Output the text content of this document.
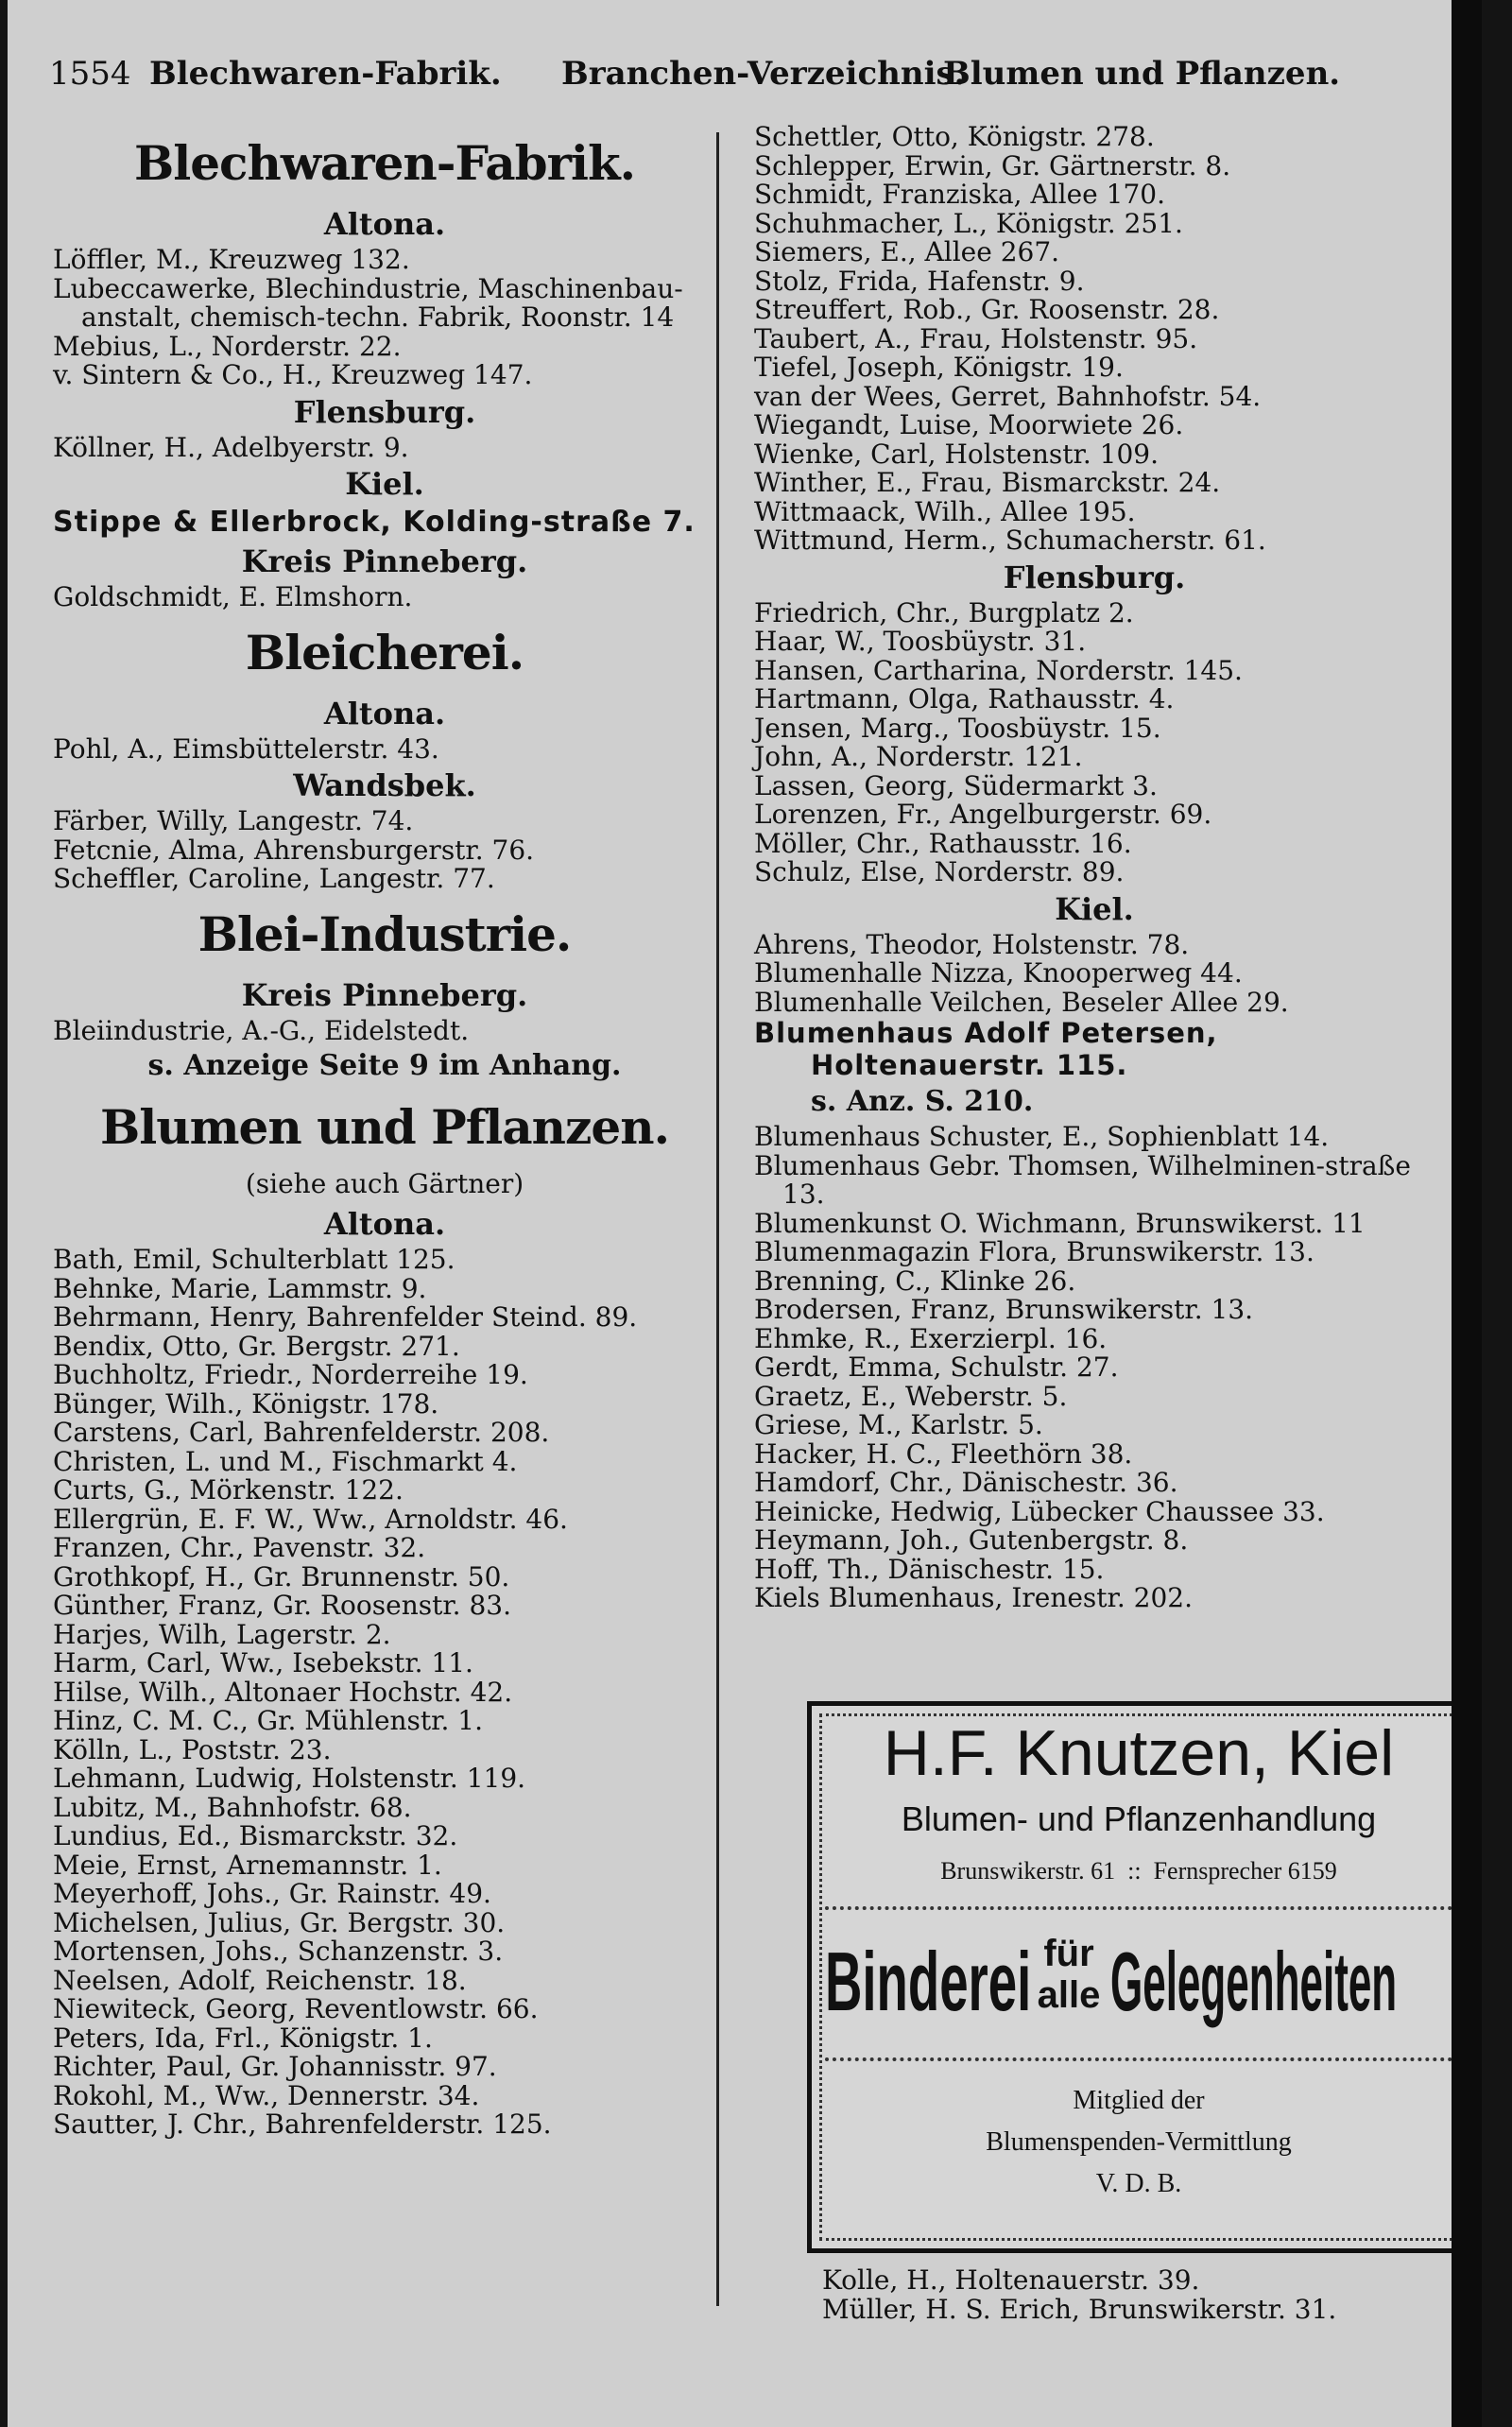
1554 Blechwaren-Fabrik. Branchen-Verzeichnis.
Blumen und Pflanzen.
Blechwaren-Fabrik.
Altona.
Löffler, M., Kreuzweg 132.
Lubeccawerke, Blechindustrie, Maschinenbau-anstalt, chemisch-techn. Fabrik, Roonstr. 14
Mebius, L., Norderstr. 22.
v. Sintern & Co., H., Kreuzweg 147.
Flensburg.
Köllner, H., Adelbyerstr. 9.
Kiel.
Stippe & Ellerbrock, Kolding-straße 7.
Kreis Pinneberg.
Goldschmidt, E. Elmshorn.
Bleicherei.
Altona.
Pohl, A., Eimsbüttelerstr. 43.
Wandsbek.
Färber, Willy, Langestr. 74.
Fetcnie, Alma, Ahrensburgerstr. 76.
Scheffler, Caroline, Langestr. 77.
Blei-Industrie.
Kreis Pinneberg.
Bleiindustrie, A.-G., Eidelstedt.
s. Anzeige Seite 9 im Anhang.
Blumen und Pflanzen.
(siehe auch Gärtner)
Altona.
Bath, Emil, Schulterblatt 125.
Behnke, Marie, Lammstr. 9.
Behrmann, Henry, Bahrenfelder Steind. 89.
Bendix, Otto, Gr. Bergstr. 271.
Buchholtz, Friedr., Norderreihe 19.
Bünger, Wilh., Königstr. 178.
Carstens, Carl, Bahrenfelderstr. 208.
Christen, L. und M., Fischmarkt 4.
Curts, G., Mörkenstr. 122.
Ellergrün, E. F. W., Ww., Arnoldstr. 46.
Franzen, Chr., Pavenstr. 32.
Grothkopf, H., Gr. Brunnenstr. 50.
Günther, Franz, Gr. Roosenstr. 83.
Harjes, Wilh, Lagerstr. 2.
Harm, Carl, Ww., Isebekstr. 11.
Hilse, Wilh., Altonaer Hochstr. 42.
Hinz, C. M. C., Gr. Mühlenstr. 1.
Kölln, L., Poststr. 23.
Lehmann, Ludwig, Holstenstr. 119.
Lubitz, M., Bahnhofstr. 68.
Lundius, Ed., Bismarckstr. 32.
Meie, Ernst, Arnemannstr. 1.
Meyerhoff, Johs., Gr. Rainstr. 49.
Michelsen, Julius, Gr. Bergstr. 30.
Mortensen, Johs., Schanzenstr. 3.
Neelsen, Adolf, Reichenstr. 18.
Niewiteck, Georg, Reventlowstr. 66.
Peters, Ida, Frl., Königstr. 1.
Richter, Paul, Gr. Johannisstr. 97.
Rokohl, M., Ww., Dennerstr. 34.
Sautter, J. Chr., Bahrenfelderstr. 125.
Schettler, Otto, Königstr. 278.
Schlepper, Erwin, Gr. Gärtnerstr. 8.
Schmidt, Franziska, Allee 170.
Schuhmacher, L., Königstr. 251.
Siemers, E., Allee 267.
Stolz, Frida, Hafenstr. 9.
Streuffert, Rob., Gr. Roosenstr. 28.
Taubert, A., Frau, Holstenstr. 95.
Tiefel, Joseph, Königstr. 19.
van der Wees, Gerret, Bahnhofstr. 54.
Wiegandt, Luise, Moorwiete 26.
Wienke, Carl, Holstenstr. 109.
Winther, E., Frau, Bismarckstr. 24.
Wittmaack, Wilh., Allee 195.
Wittmund, Herm., Schumacherstr. 61.
Flensburg.
Friedrich, Chr., Burgplatz 2.
Haar, W., Toosbüystr. 31.
Hansen, Cartharina, Norderstr. 145.
Hartmann, Olga, Rathausstr. 4.
Jensen, Marg., Toosbüystr. 15.
John, A., Norderstr. 121.
Lassen, Georg, Südermarkt 3.
Lorenzen, Fr., Angelburgerstr. 69.
Möller, Chr., Rathausstr. 16.
Schulz, Else, Norderstr. 89.
Kiel.
Ahrens, Theodor, Holstenstr. 78.
Blumenhalle Nizza, Knooperweg 44.
Blumenhalle Veilchen, Beseler Allee 29.
Blumenhaus Adolf Petersen, Holtenauerstr. 115.
s. Anz. S. 210.
Blumenhaus Schuster, E., Sophienblatt 14.
Blumenhaus Gebr. Thomsen, Wilhelminen-straße 13.
Blumenkunst O. Wichmann, Brunswikerst. 11
Blumenmagazin Flora, Brunswikerstr. 13.
Brenning, C., Klinke 26.
Brodersen, Franz, Brunswikerstr. 13.
Ehmke, R., Exerzierpl. 16.
Gerdt, Emma, Schulstr. 27.
Graetz, E., Weberstr. 5.
Griese, M., Karlstr. 5.
Hacker, H. C., Fleethörn 38.
Hamdorf, Chr., Dänischestr. 36.
Heinicke, Hedwig, Lübecker Chaussee 33.
Heymann, Joh., Gutenbergstr. 8.
Hoff, Th., Dänischestr. 15.
Kiels Blumenhaus, Irenestr. 202.
H.F. Knutzen, Kiel
Blumen- und Pflanzenhandlung
Brunswikerstr. 61 :: Fernsprecher 6159
Binderei für
alle Gelegenheiten
Mitglied der
Blumenspenden-Vermittlung
V. D. B.
Kolle, H., Holtenauerstr. 39.
Müller, H. S. Erich, Brunswikerstr. 31.
